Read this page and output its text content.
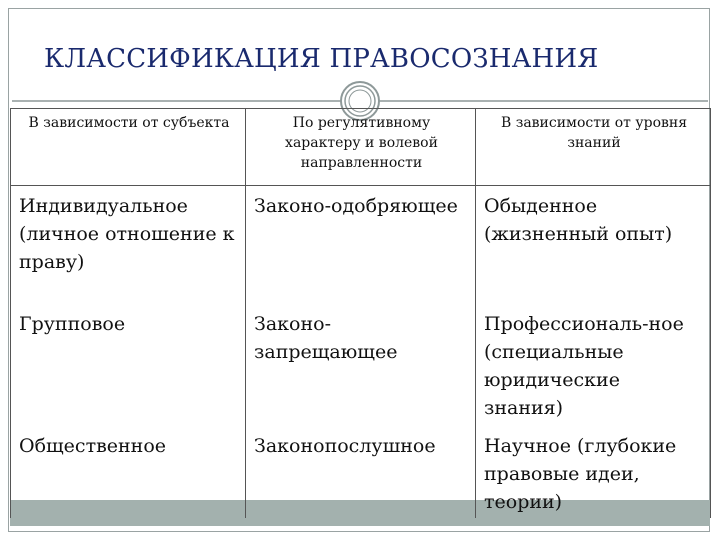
КЛАССИФИКАЦИЯ ПРАВОСОЗНАНИЯ
В зависимости от субъекта	По регулятивному характеру и волевой направленности	В зависимости от уровня знаний
Индивидуальное (личное отношение к праву)	Законо-одобряющее	Обыденное (жизненный опыт)
Групповое	Законо-запрещающее	Профессиональ-ное (специальные юридические знания)
Общественное	Законопослушное	Научное (глубокие правовые идеи, теории)
